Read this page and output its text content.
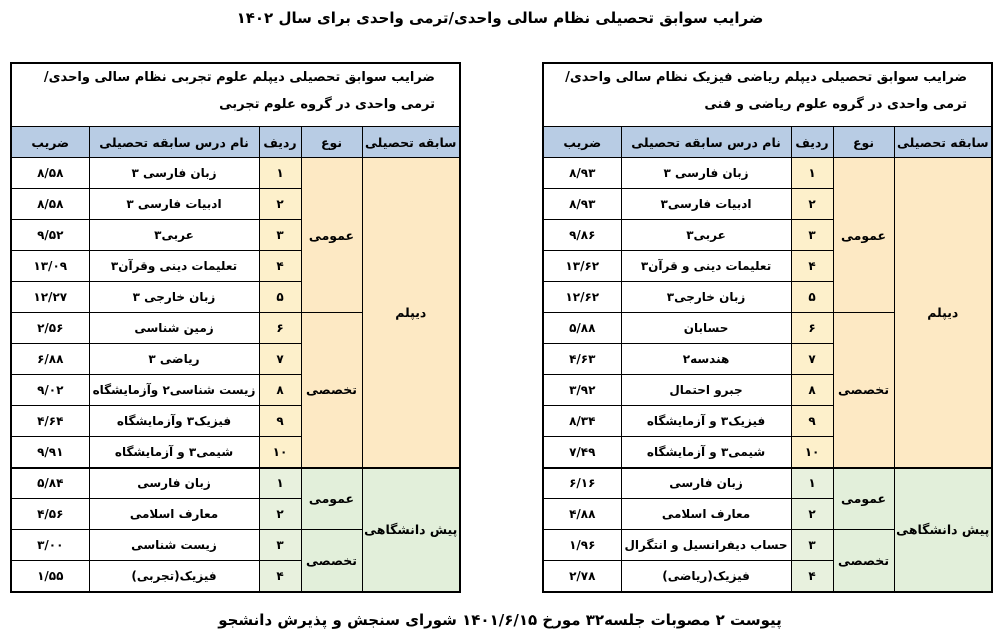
ضرایب سوابق تحصیلی نظام سالی واحدی/ترمی واحدی برای سال ۱۴۰۲
ضرایب سوابق تحصیلی دیپلم ریاضی فیزیک نظام سالی واحدی/
ترمی واحدی در گروه علوم ریاضی و فنی				

سابقه تحصیلی	نوع	ردیف	نام درس سابقه تحصیلی	ضریب
دیپلم	عمومی	۱	زبان فارسی ۳	۸/۹۳
		۲	ادبیات فارسی۳	۸/۹۳
		۳	عربی۳	۹/۸۶
		۴	تعلیمات دینی و قرآن۳	۱۳/۶۲
		۵	زبان خارجی۳	۱۲/۶۲
	تخصصی	۶	حسابان	۵/۸۸
		۷	هندسه۲	۴/۶۳
		۸	جبرو احتمال	۳/۹۲
		۹	فیزیک۳ و آزمایشگاه	۸/۳۴
		۱۰	شیمی۳ و آزمایشگاه	۷/۴۹
پیش دانشگاهی	عمومی	۱	زبان فارسی	۶/۱۶
		۲	معارف اسلامی	۴/۸۸
	تخصصی	۳	حساب دیفرانسیل و انتگرال	۱/۹۶
		۴	فیزیک(ریاضی)	۲/۷۸
ضرایب سوابق تحصیلی دیپلم علوم تجربی نظام سالی واحدی/
ترمی واحدی در گروه علوم تجربی				

سابقه تحصیلی	نوع	ردیف	نام درس سابقه تحصیلی	ضریب
دیپلم	عمومی	۱	زبان فارسی ۳	۸/۵۸
		۲	ادبیات فارسی ۳	۸/۵۸
		۳	عربی۳	۹/۵۲
		۴	تعلیمات دینی وقرآن۳	۱۳/۰۹
		۵	زبان خارجی ۳	۱۲/۲۷
	تخصصی	۶	زمین شناسی	۲/۵۶
		۷	ریاضی ۳	۶/۸۸
		۸	زیست شناسی۲ وآزمایشگاه	۹/۰۲
		۹	فیزیک۳ وآزمایشگاه	۴/۶۴
		۱۰	شیمی۳ و آزمایشگاه	۹/۹۱
پیش دانشگاهی	عمومی	۱	زبان فارسی	۵/۸۴
		۲	معارف اسلامی	۴/۵۶
	تخصصی	۳	زیست شناسی	۳/۰۰
		۴	فیزیک(تجربی)	۱/۵۵
پیوست ۲ مصوبات جلسه۳۲ مورخ ۱۴۰۱/۶/۱۵ شورای سنجش و پذیرش دانشجو
